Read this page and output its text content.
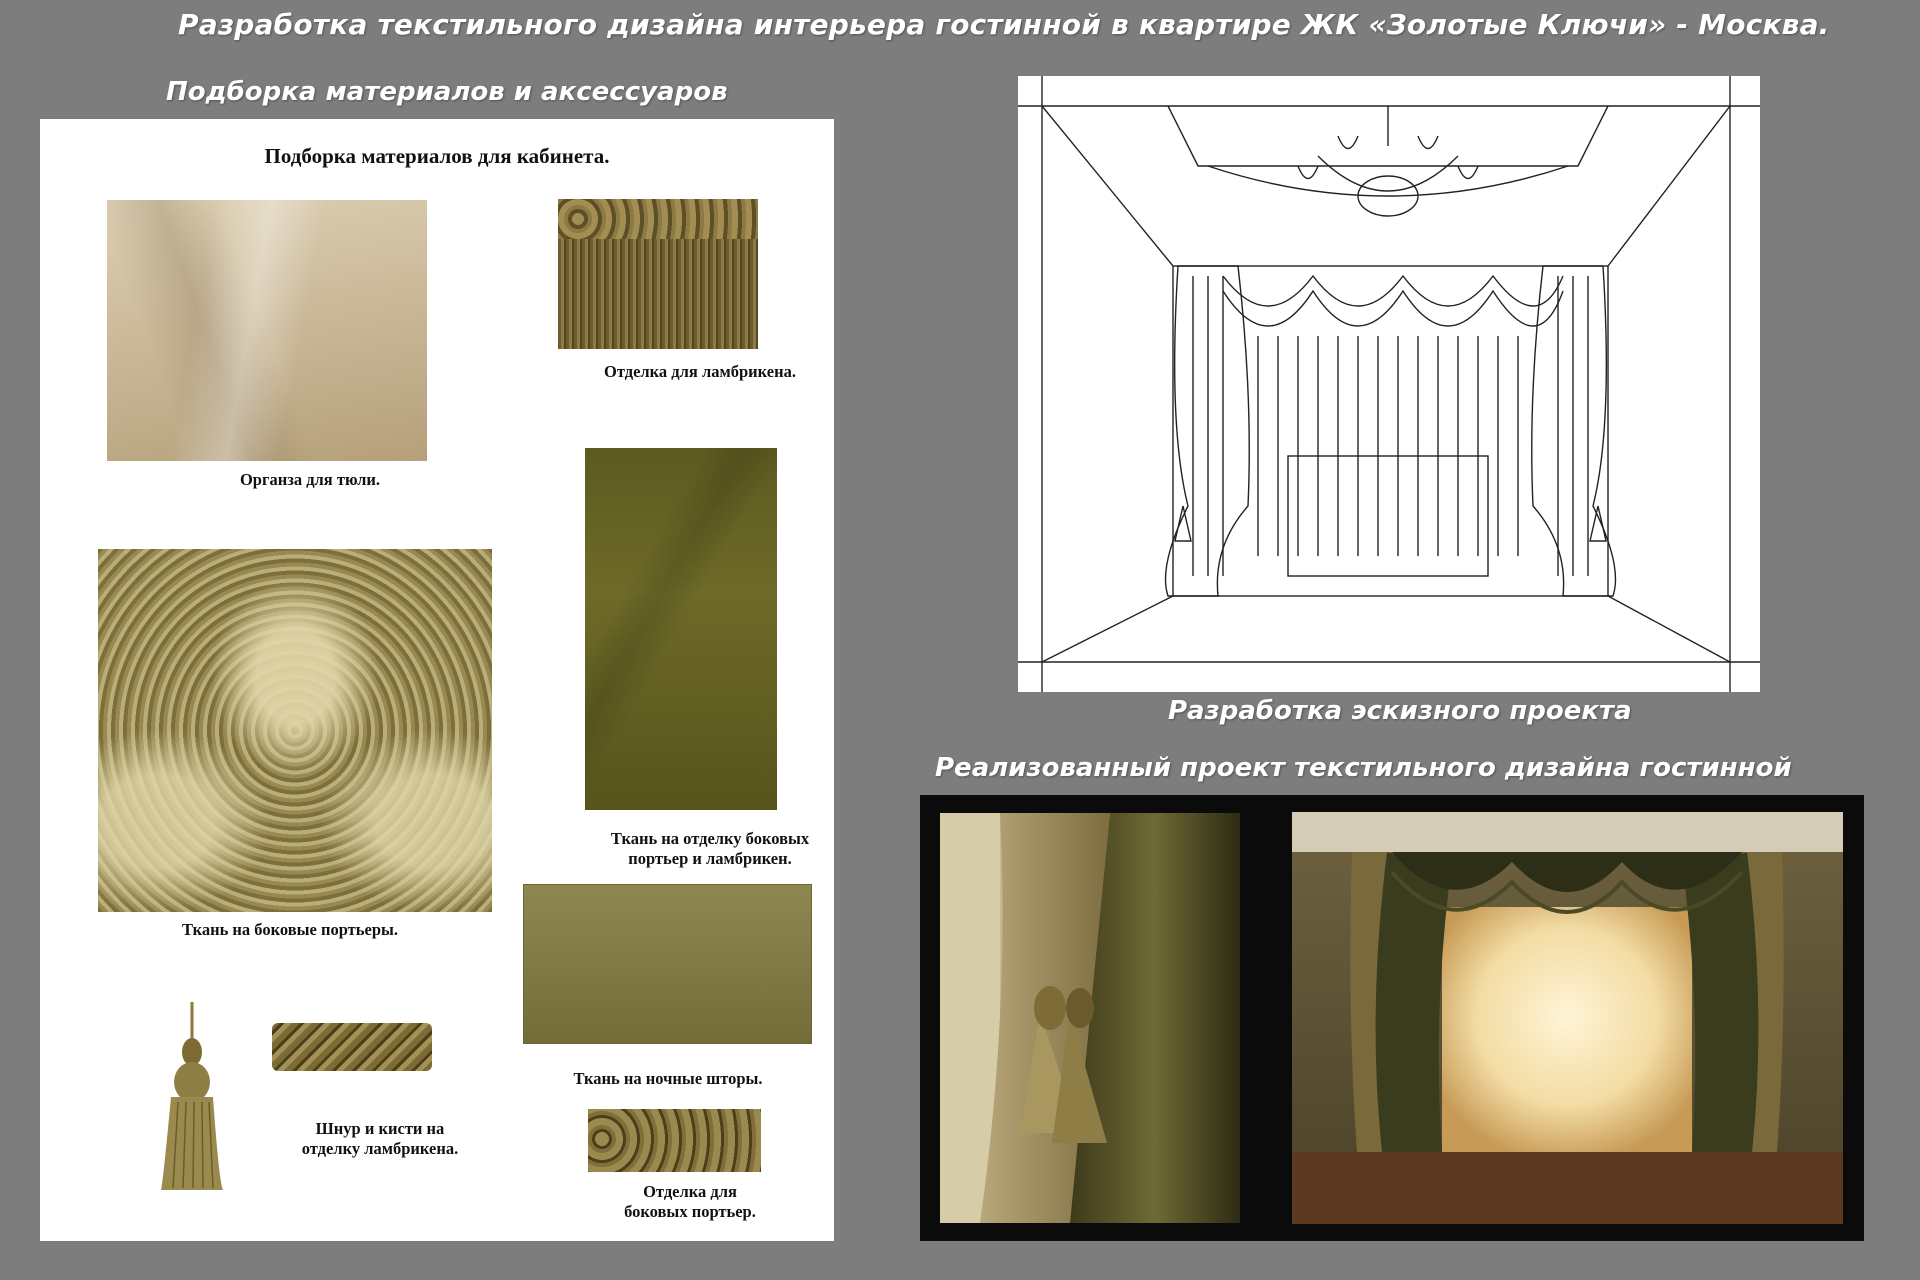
Разработка текстильного дизайна интерьера гостинной в квартире ЖК «Золотые Ключи» - Москва.
Подборка материалов и аксессуаров
Подборка материалов для кабинета.
Органза для тюли.
Отделка для ламбрикена.
Ткань на отделку боковых
портьер и ламбрикен.
Ткань на боковые портьеры.
Ткань на ночные шторы.
Шнур и кисти на
отделку ламбрикена.
Отделка для
боковых портьер.
Разработка эскизного проекта
Реализованный проект текстильного дизайна гостинной
